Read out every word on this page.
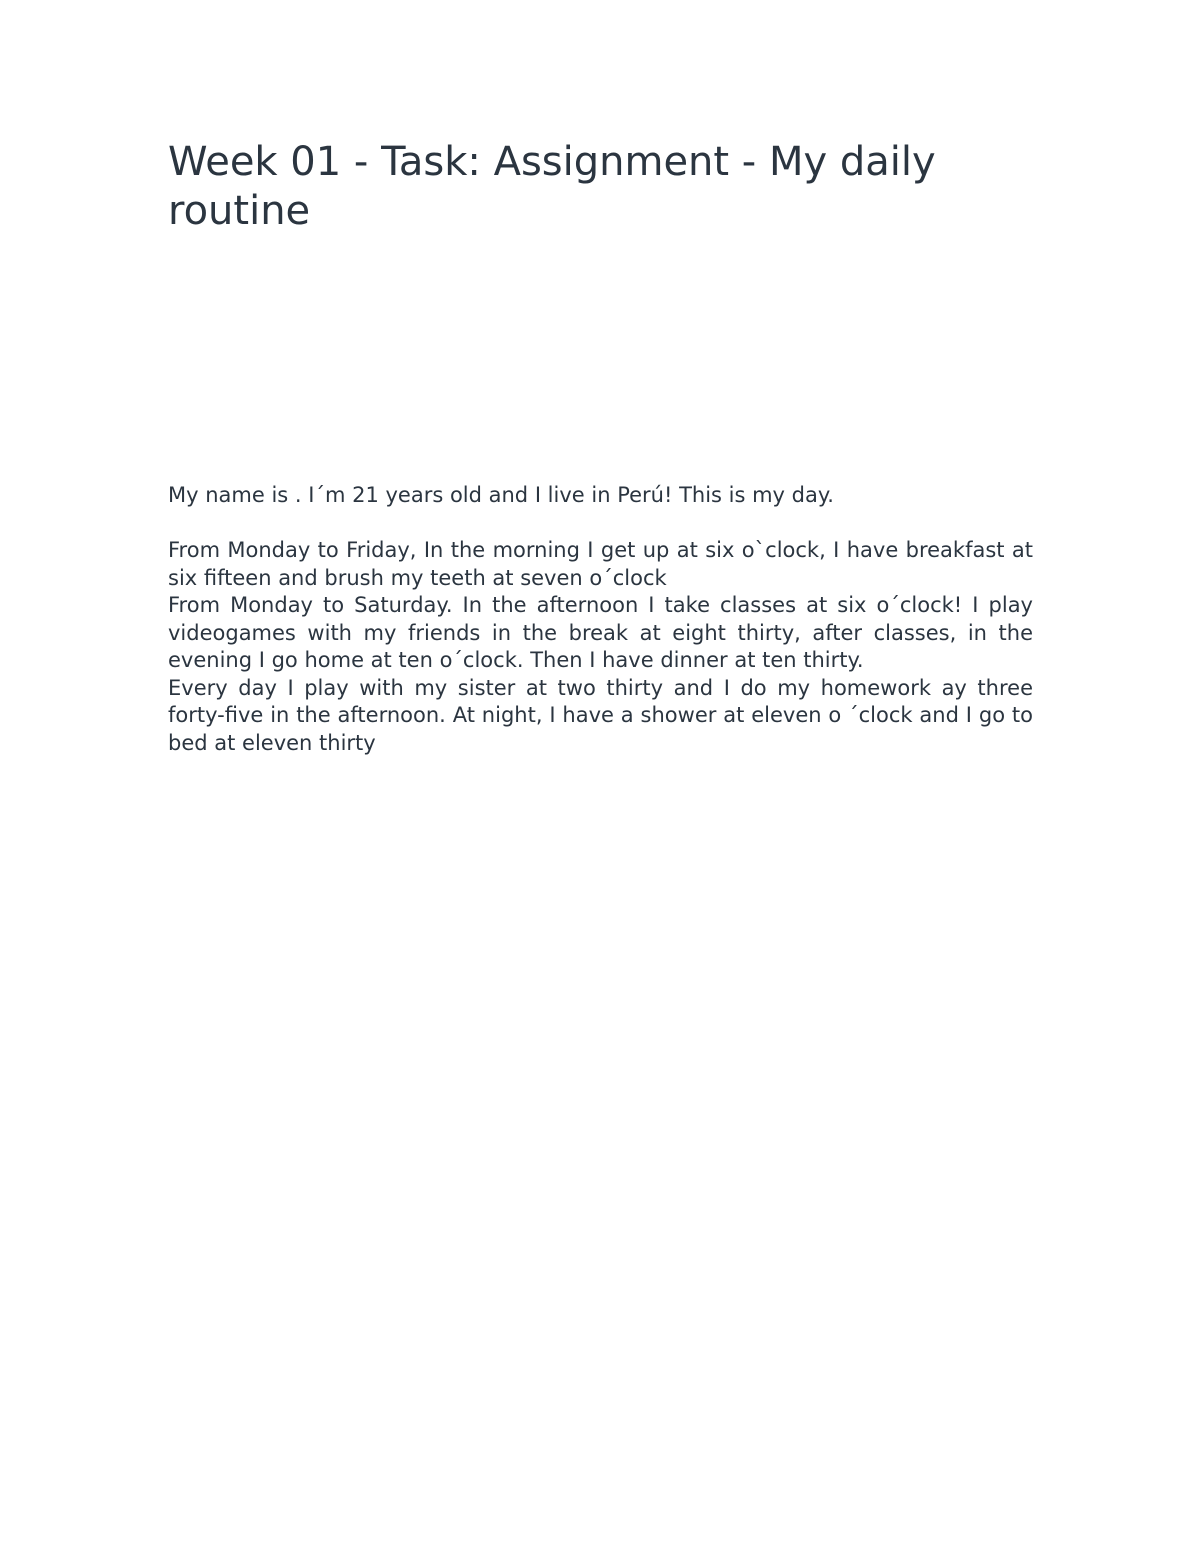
Week 01 - Task: Assignment - My daily routine

My name is . I´m 21 years old and I live in Perú! This is my day.

From Monday to Friday, In the morning I get up at six o`clock, I have breakfast at six fifteen and brush my teeth at seven o´clock

From Monday to Saturday. In the afternoon I take classes at six o´clock! I play videogames with my friends in the break at eight thirty, after classes, in the evening I go home at ten o´clock. Then I have dinner at ten thirty.

Every day I play with my sister at two thirty and I do my homework ay three forty-five in the afternoon. At night, I have a shower at eleven o ´clock and I go to bed at eleven thirty
